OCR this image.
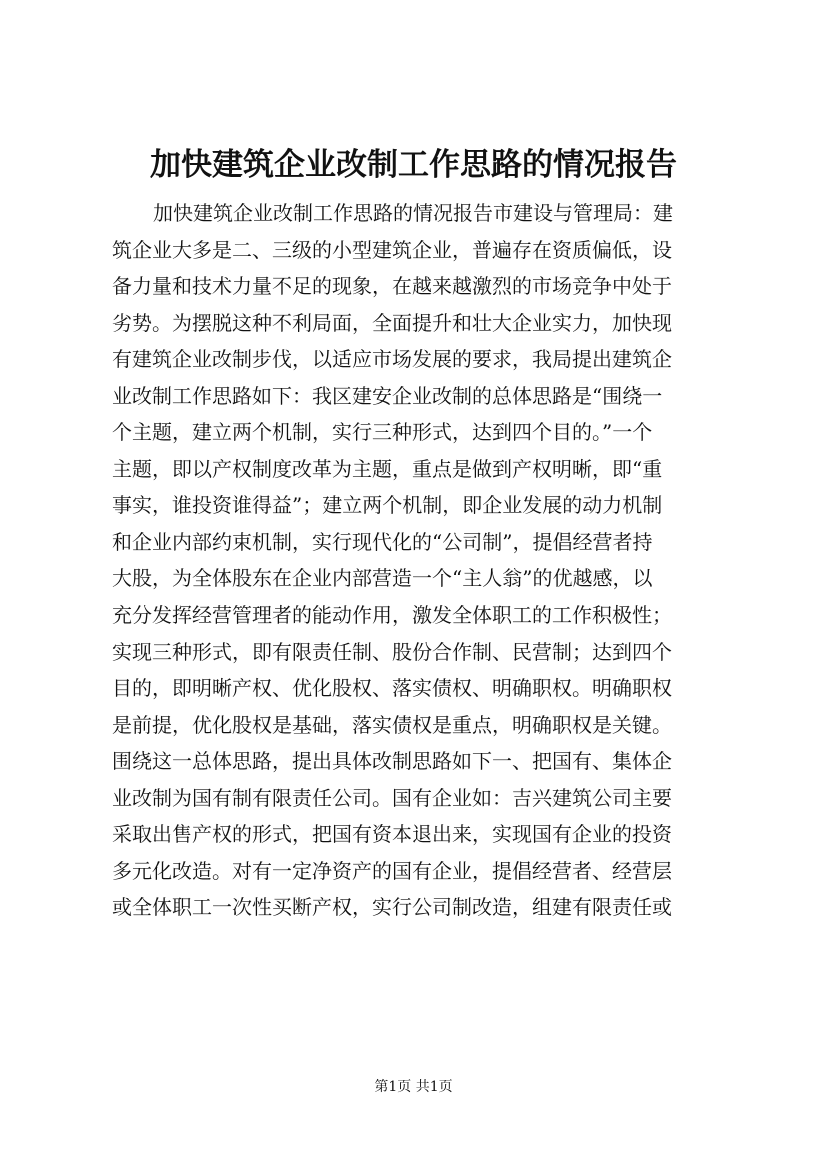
加快建筑企业改制工作思路的情况报告
加快建筑企业改制工作思路的情况报告市建设与管理局：建
筑企业大多是二、三级的小型建筑企业，普遍存在资质偏低，设
备力量和技术力量不足的现象，在越来越激烈的市场竞争中处于
劣势。为摆脱这种不利局面，全面提升和壮大企业实力，加快现
有建筑企业改制步伐，以适应市场发展的要求，我局提出建筑企
业改制工作思路如下：我区建安企业改制的总体思路是“围绕一
个主题，建立两个机制，实行三种形式，达到四个目的。”一个
主题，即以产权制度改革为主题，重点是做到产权明晰，即“重
事实，谁投资谁得益”；建立两个机制，即企业发展的动力机制
和企业内部约束机制，实行现代化的“公司制”，提倡经营者持
大股，为全体股东在企业内部营造一个“主人翁”的优越感，以
充分发挥经营管理者的能动作用，激发全体职工的工作积极性；
实现三种形式，即有限责任制、股份合作制、民营制；达到四个
目的，即明晰产权、优化股权、落实债权、明确职权。明确职权
是前提，优化股权是基础，落实债权是重点，明确职权是关键。
围绕这一总体思路，提出具体改制思路如下一、把国有、集体企
业改制为国有制有限责任公司。国有企业如：吉兴建筑公司主要
采取出售产权的形式，把国有资本退出来，实现国有企业的投资
多元化改造。对有一定净资产的国有企业，提倡经营者、经营层
或全体职工一次性买断产权，实行公司制改造，组建有限责任或
第1页 共1页
